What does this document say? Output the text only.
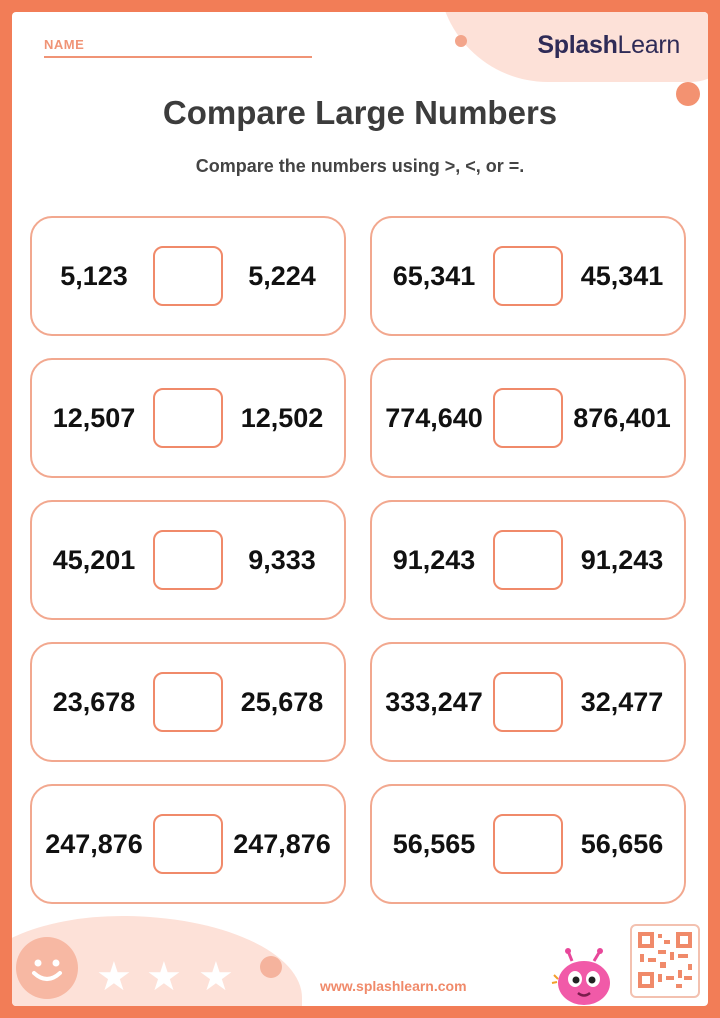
NAME	SplashLearn
Compare Large Numbers
Compare the numbers using >, <, or =.
5,123	5,224	65,341	45,341
12,507	12,502	774,640	876,401
45,201	9,333	91,243	91,243
23,678	25,678	333,247	32,477
247,876	247,876	56,565	56,656
★ ★ ★	www.splashlearn.com
